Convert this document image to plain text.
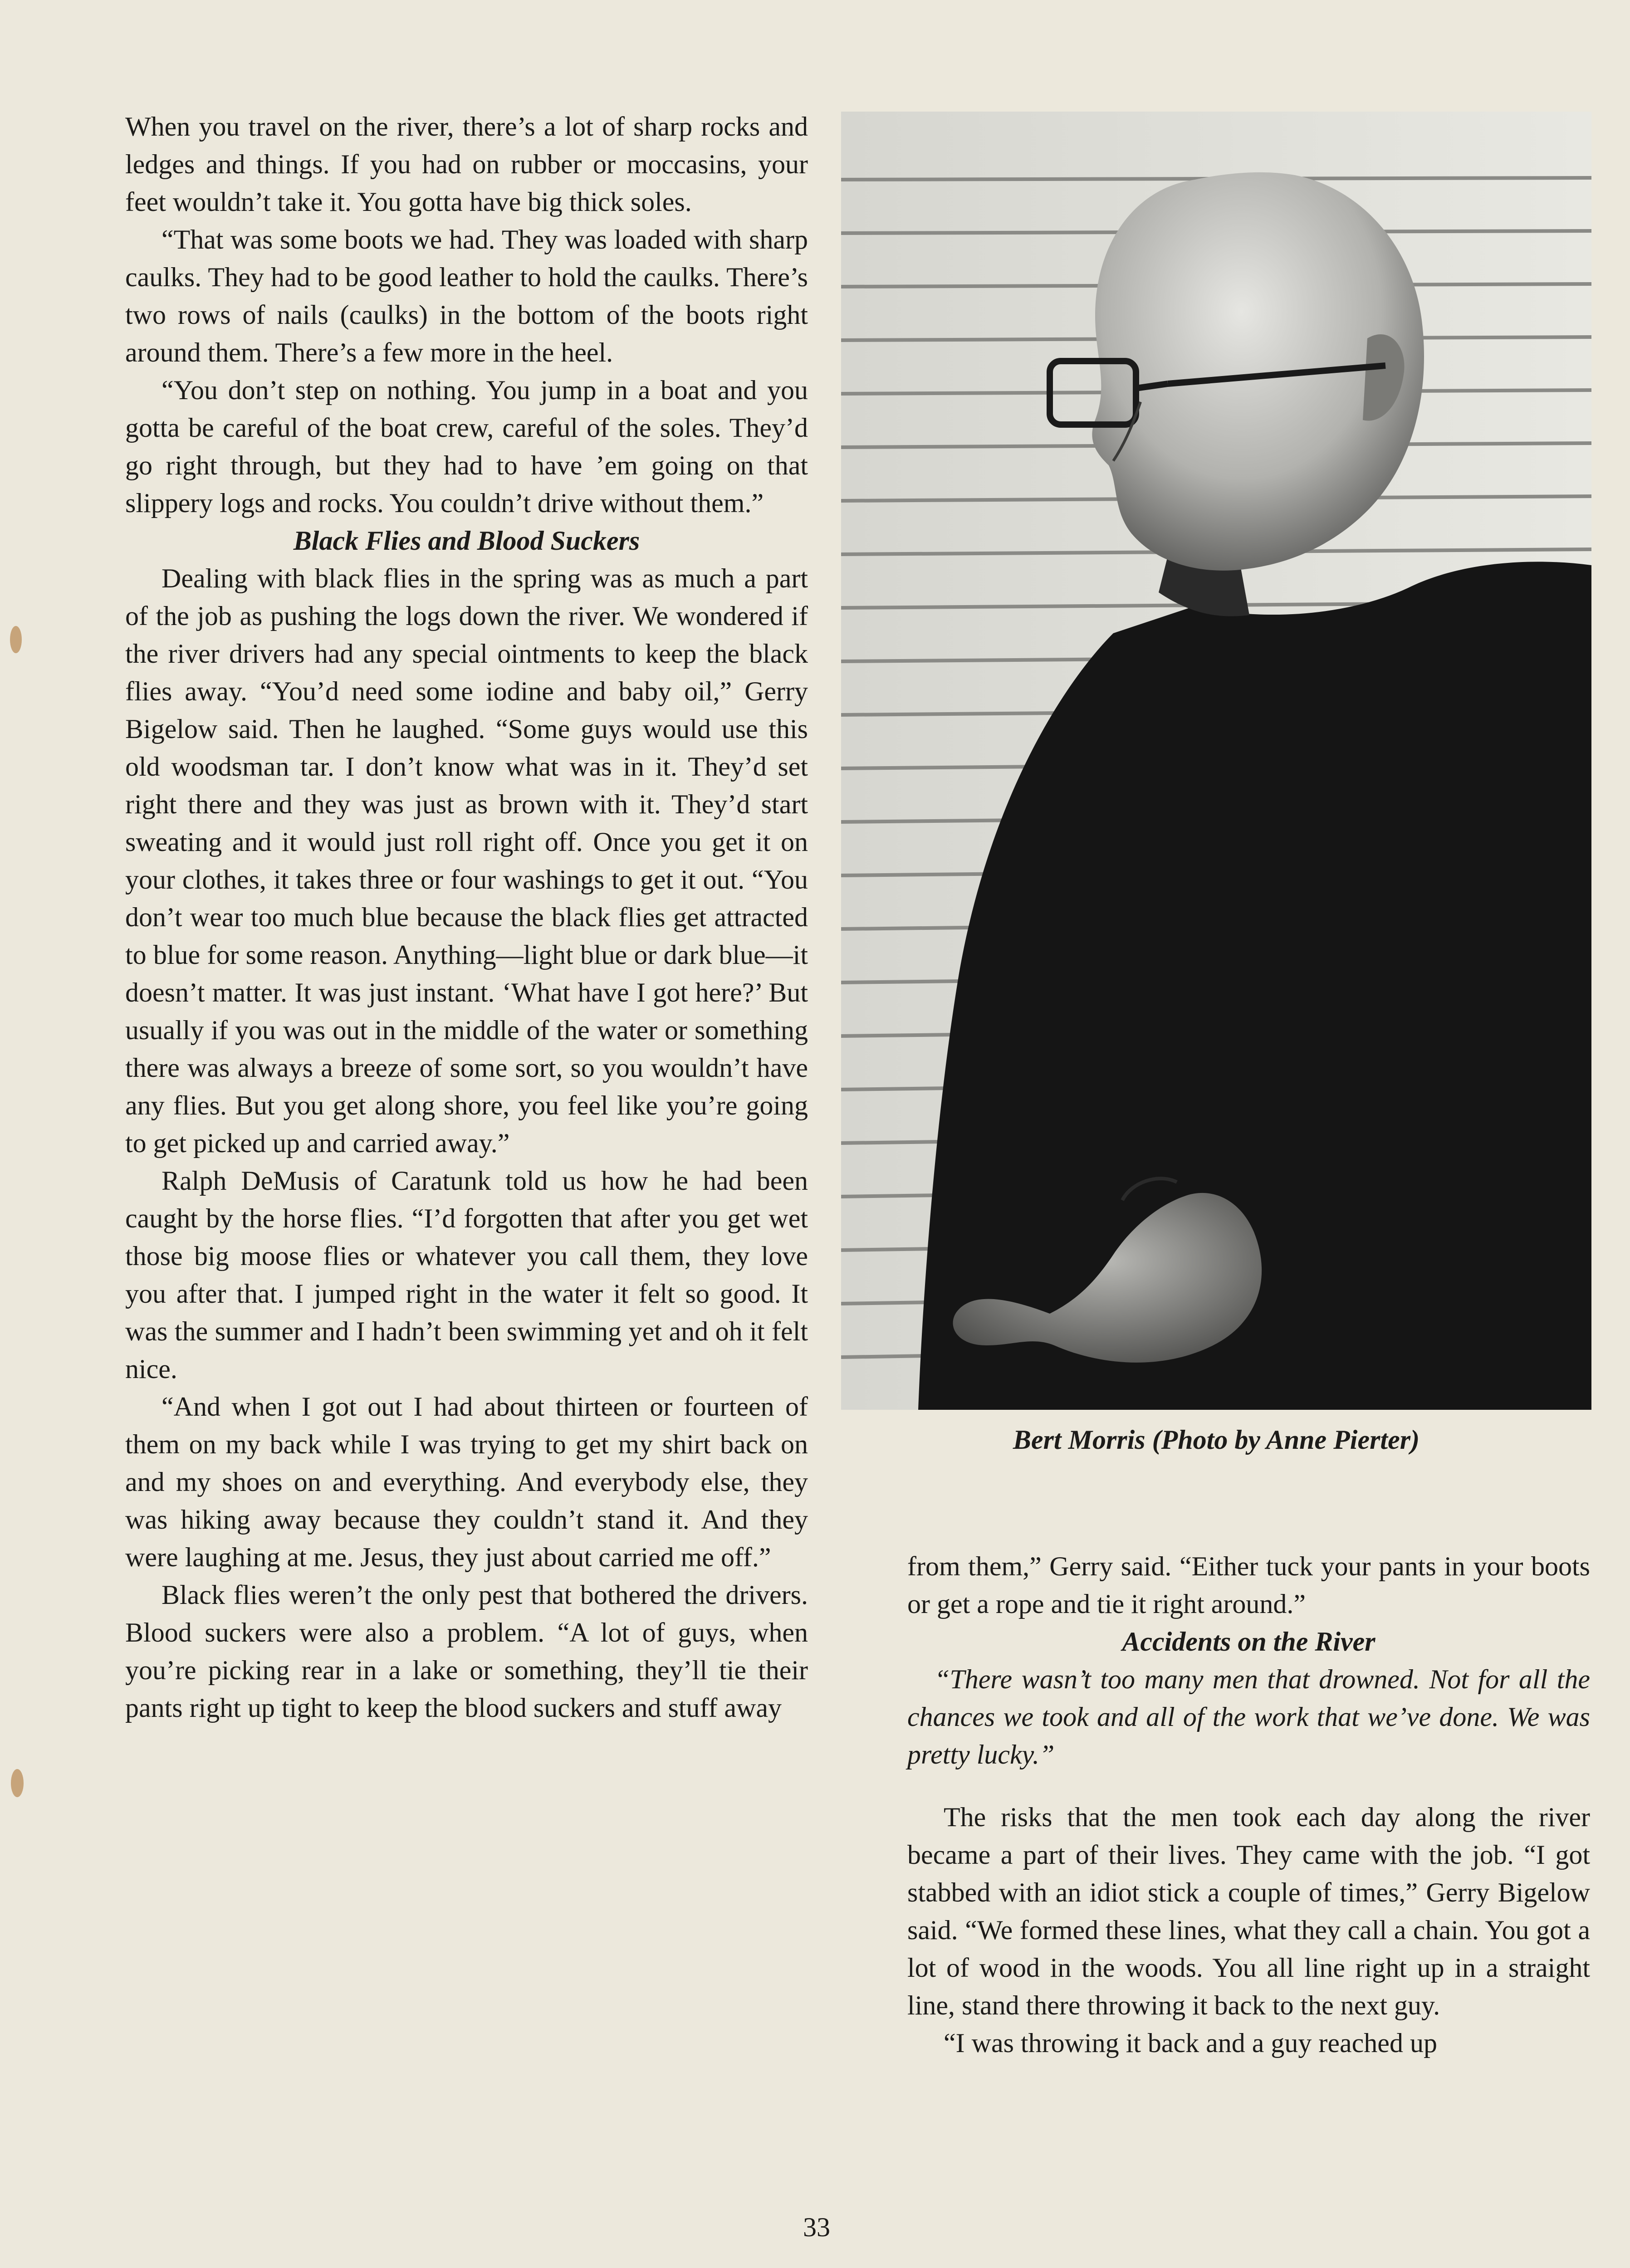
When you travel on the river, there’s a lot of sharp rocks and ledges and things. If you had on rubber or moccasins, your feet wouldn’t take it. You gotta have big thick soles.

“That was some boots we had. They was loaded with sharp caulks. They had to be good leather to hold the caulks. There’s two rows of nails (caulks) in the bottom of the boots right around them. There’s a few more in the heel.

“You don’t step on nothing. You jump in a boat and you gotta be careful of the boat crew, careful of the soles. They’d go right through, but they had to have ’em going on that slippery logs and rocks. You couldn’t drive without them.”

Black Flies and Blood Suckers

Dealing with black flies in the spring was as much a part of the job as pushing the logs down the river. We wondered if the river drivers had any special ointments to keep the black flies away. “You’d need some iodine and baby oil,” Gerry Bigelow said. Then he laughed. “Some guys would use this old woodsman tar. I don’t know what was in it. They’d set right there and they was just as brown with it. They’d start sweating and it would just roll right off. Once you get it on your clothes, it takes three or four washings to get it out. “You don’t wear too much blue because the black flies get attracted to blue for some reason. Anything—light blue or dark blue—it doesn’t matter. It was just instant. ‘What have I got here?’ But usually if you was out in the middle of the water or something there was always a breeze of some sort, so you wouldn’t have any flies. But you get along shore, you feel like you’re going to get picked up and carried away.”

Ralph DeMusis of Caratunk told us how he had been caught by the horse flies. “I’d forgotten that after you get wet those big moose flies or whatever you call them, they love you after that. I jumped right in the water it felt so good. It was the summer and I hadn’t been swimming yet and oh it felt nice.

“And when I got out I had about thirteen or fourteen of them on my back while I was trying to get my shirt back on and my shoes on and everything. And everybody else, they was hiking away because they couldn’t stand it. And they were laughing at me. Jesus, they just about carried me off.”

Black flies weren’t the only pest that bothered the drivers. Blood suckers were also a problem. “A lot of guys, when you’re picking rear in a lake or something, they’ll tie their pants right up tight to keep the blood suckers and stuff away

Bert Morris (Photo by Anne Pierter)

from them,” Gerry said. “Either tuck your pants in your boots or get a rope and tie it right around.”

Accidents on the River

“There wasn’t too many men that drowned. Not for all the chances we took and all of the work that we’ve done. We was pretty lucky.”

The risks that the men took each day along the river became a part of their lives. They came with the job. “I got stabbed with an idiot stick a couple of times,” Gerry Bigelow said. “We formed these lines, what they call a chain. You got a lot of wood in the woods. You all line right up in a straight line, stand there throwing it back to the next guy.

“I was throwing it back and a guy reached up

33
